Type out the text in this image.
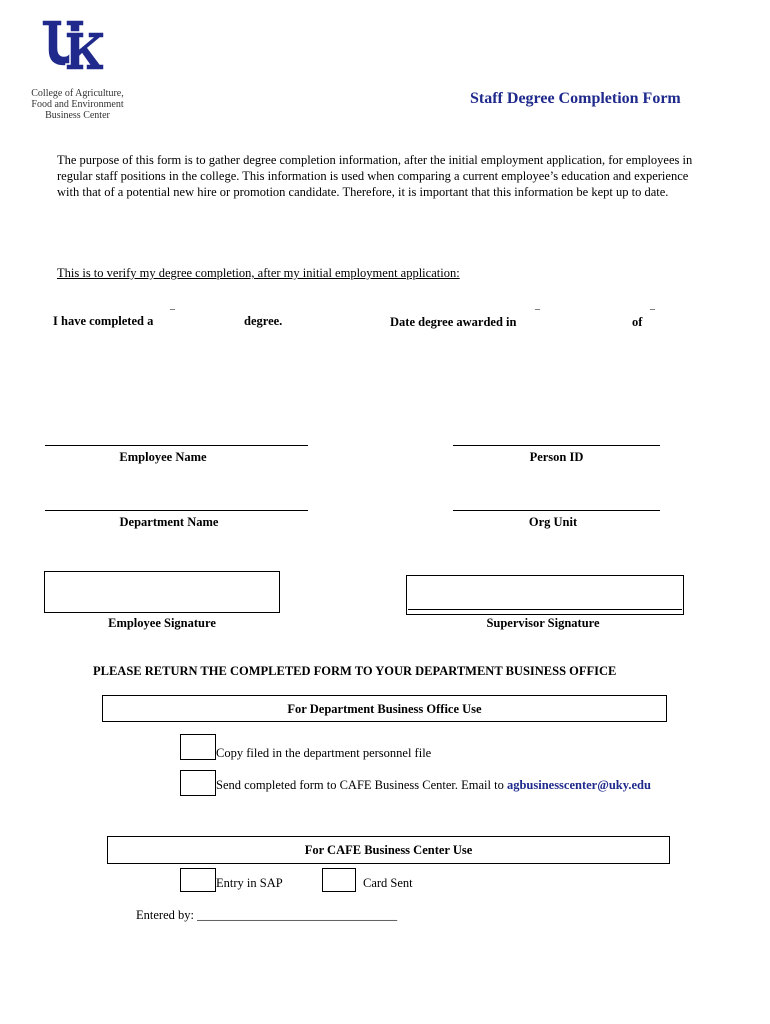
College of Agriculture,
Food and Environment
Business Center
Staff Degree Completion Form
The purpose of this form is to gather degree completion information, after the initial employment application, for employees in regular staff positions in the college. This information is used when comparing a current employee’s education and experience with that of a potential new hire or promotion candidate. Therefore, it is important that this information be kept up to date.
This is to verify my degree completion, after my initial employment application:
I have completed a ¯	degree.	Date degree awarded in
¯
of
¯
Employee Name	Person ID
Department Name	Org Unit
Employee Signature	Supervisor Signature
PLEASE RETURN THE COMPLETED FORM TO YOUR DEPARTMENT BUSINESS OFFICE
For Department Business Office Use
Copy filed in the department personnel file
Send completed form to CAFE Business Center. Email to agbusinesscenter@uky.edu
For CAFE Business Center Use
Entry in SAP	Card Sent
Entered by: ________________________________
